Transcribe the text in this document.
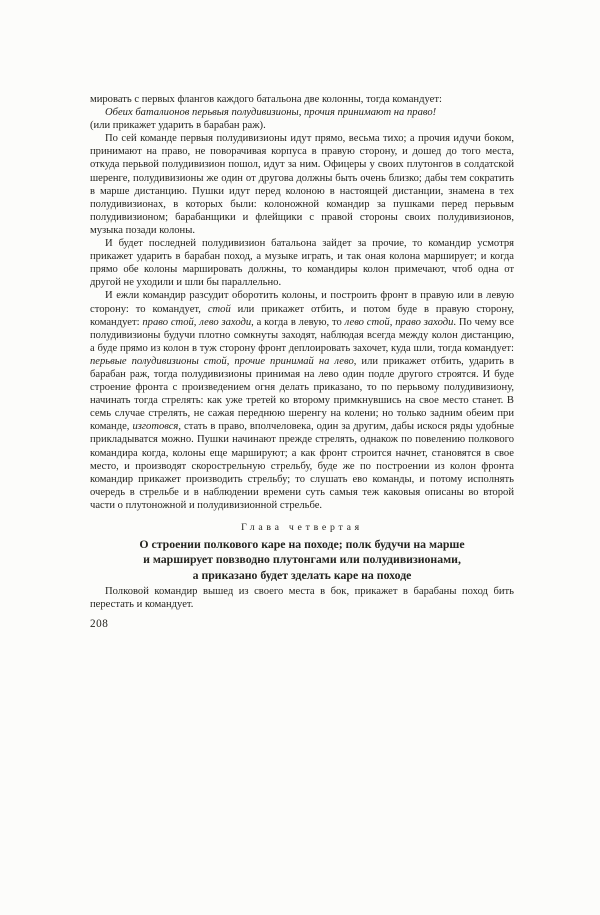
мировать с первых флангов каждого батальона две колонны, тогда командует:

Обеих баталионов перьвыя полудивизионы, прочия принимают на право!

(или прикажет ударить в барабан раж).

По сей команде первыя полудивизионы идут прямо, весьма тихо; а прочия идучи боком, принимают на право, не поворачивая корпуса в правую сторону, и дошед до того места, откуда перьвой полудивизион пошол, идут за ним. Офицеры у своих плутонгов в солдатской шеренге, полудивизионы же один от другова должны быть очень близко; дабы тем сократить в марше дистанцию. Пушки идут перед колоною в настоящей дистанции, знамена в тех полудивизионах, в которых были: колоножной командир за пушками перед перьвым полудивизионом; барабанщики и флейщики с правой стороны своих полудивизионов, музыка позади колоны.

И будет последней полудивизион батальона зайдет за прочие, то командир усмотря прикажет ударить в барабан поход, а музыке играть, и так оная колона марширует; и когда прямо обе колоны маршировать должны, то командиры колон примечают, чтоб одна от другой не уходили и шли бы параллельно.

И ежли командир разсудит оборотить колоны, и построить фронт в правую или в левую сторону: то командует, стой или прикажет отбить, и потом буде в правую сторону, командует: право стой, лево заходи, а когда в левую, то лево стой, право заходи. По чему все полудивизионы будучи плотно сомкнуты заходят, наблюдая всегда между колон дистанцию, а буде прямо из колон в туж сторону фронт деплоировать захочет, куда шли, тогда командует: перьвые полудивизионы стой, прочие принимай на лево, или прикажет отбить, ударить в барабан раж, тогда полудивизионы принимая на лево один подле другого строятся. И буде строение фронта с произведением огня делать приказано, то по перьвому полудивизиону, начинать тогда стрелять: как уже третей ко второму примкнувшись на свое место станет. В семь случае стрелять, не сажая переднюю шеренгу на колени; но только задним обеим при команде, изготовся, стать в право, вполчеловека, один за другим, дабы искося ряды удобные прикладыватся можно. Пушки начинают прежде стрелять, однакож по повелению полкового командира когда, колоны еще маршируют; а как фронт строится начнет, становятся в свое место, и производят скорострельную стрельбу, буде же по построении из колон фронта командир прикажет производить стрельбу; то слушать ево команды, и потому исполнять очередь в стрельбе и в наблюдении времени суть самыя теж каковыя описаны во второй части о плутоножной и полудивизионной стрельбе.

Глава четвертая
О строении полкового каре на походе; полк будучи на марше
и марширует повзводно плутонгами или полудивизионами,
а приказано будет зделать каре на походе

Полковой командир вышед из своего места в бок, прикажет в барабаны поход бить перестать и командует.

208
